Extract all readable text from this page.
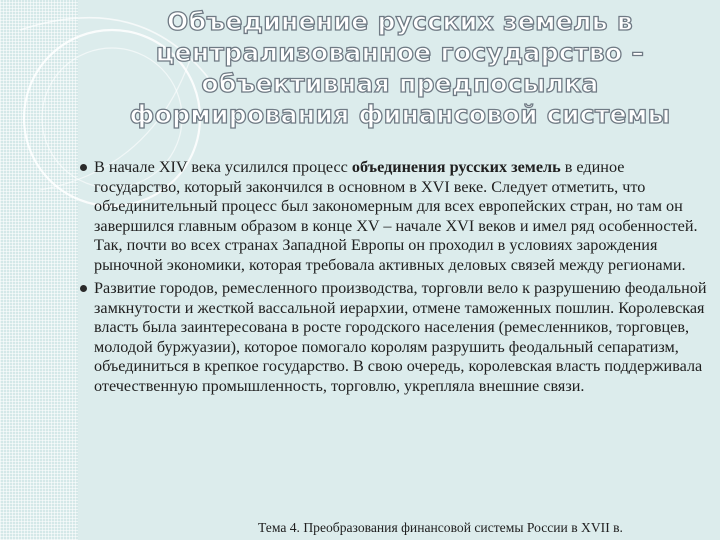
Объединение русских земель в централизованное государство – объективная предпосылка формирования финансовой системы

В начале XIV века усилился процесс объединения русских земель в единое государство, который закончился в основном в XVI веке. Следует отметить, что объединительный процесс был закономерным для всех европейских стран, но там он завершился главным образом в конце XV – начале XVI веков и имел ряд особенностей. Так, почти во всех странах Западной Европы он проходил в условиях зарождения рыночной экономики, которая требовала активных деловых связей между регионами.

Развитие городов, ремесленного производства, торговли вело к разрушению феодальной замкнутости и жесткой вассальной иерархии, отмене таможенных пошлин. Королевская власть была заинтересована в росте городского населения (ремесленников, торговцев, молодой буржуазии), которое помогало королям разрушить феодальный сепаратизм, объединиться в крепкое государство. В свою очередь, королевская власть поддерживала отечественную промышленность, торговлю, укрепляла внешние связи.

Тема 4. Преобразования финансовой системы России в XVII в.
